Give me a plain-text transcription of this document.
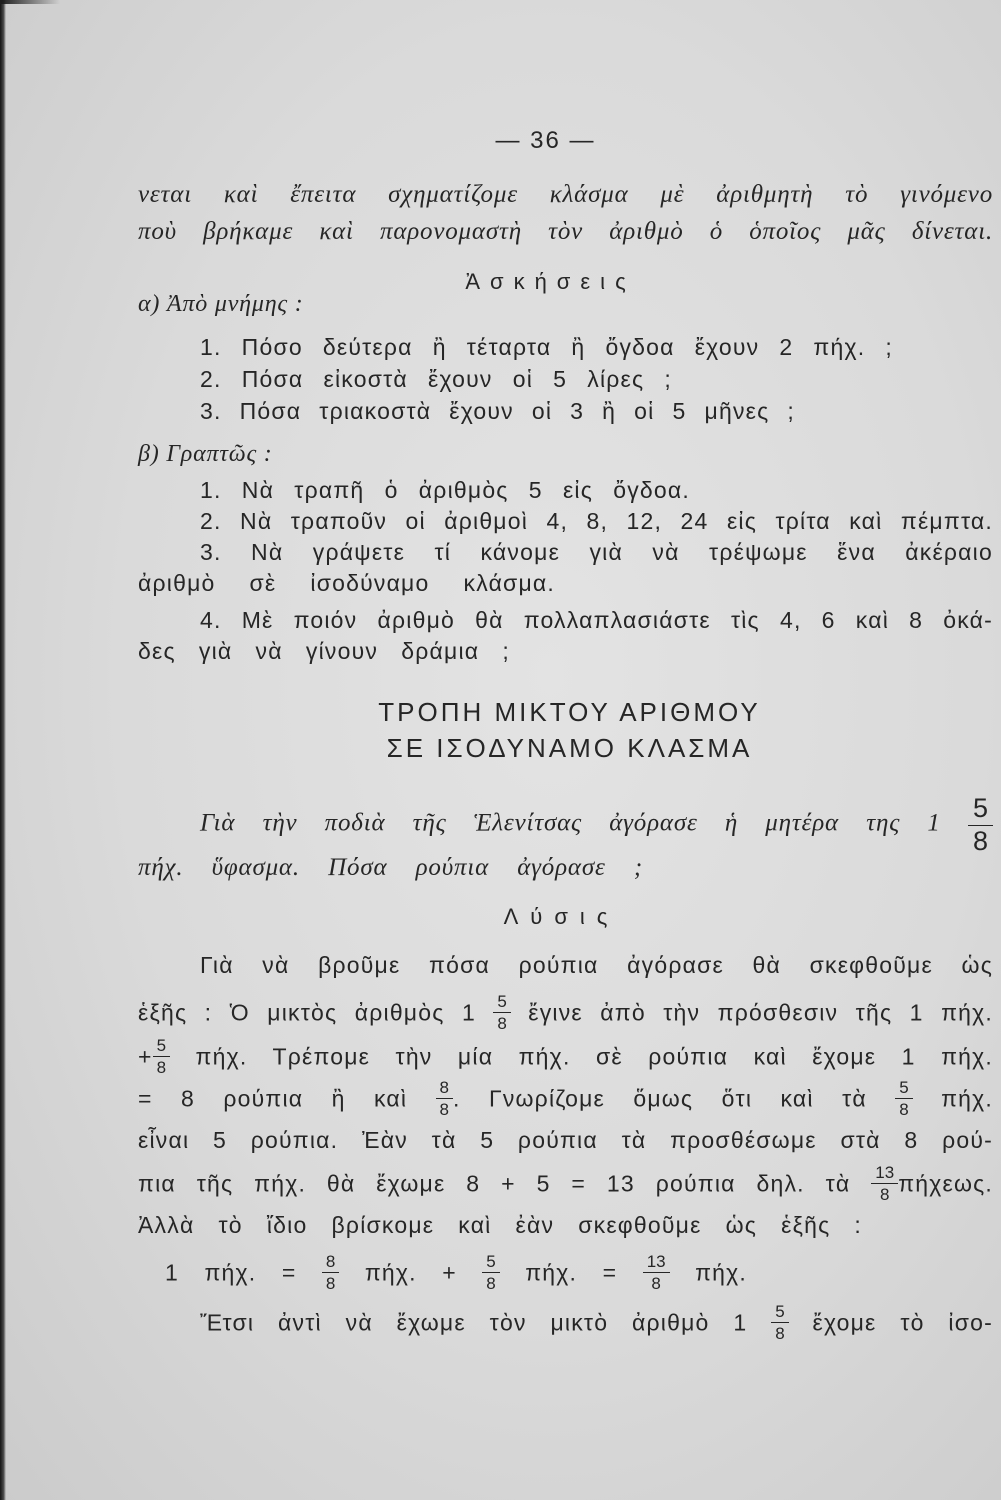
— 36 —
νεται καὶ ἔπειτα σχηματίζομε κλάσμα μὲ ἀριθμητὴ τὸ γινόμενο
ποὺ βρήκαμε καὶ παρονομαστὴ τὸν ἀριθμὸ ὁ ὁποῖος μᾶς δίνεται.
Ἀσκήσεις
α) Ἀπὸ μνήμης :
1. Πόσο δεύτερα ἢ τέταρτα ἢ ὄγδοα ἔχουν 2 πήχ. ;
2. Πόσα εἰκοστὰ ἔχουν οἱ 5 λίρες ;
3. Πόσα τριακοστὰ ἔχουν οἱ 3 ἢ οἱ 5 μῆνες ;
β) Γραπτῶς :
1. Νὰ τραπῆ ὁ ἀριθμὸς 5 εἰς ὄγδοα.
2. Νὰ τραποῦν οἱ ἀριθμοὶ 4, 8, 12, 24 εἰς τρίτα καὶ πέμπτα.
3. Νὰ γράψετε τί κάνομε γιὰ νὰ τρέψωμε ἕνα ἀκέραιο
ἀριθμὸ σὲ ἰσοδύναμο κλάσμα.
4. Μὲ ποιόν ἀριθμὸ θὰ πολλαπλασιάστε τὶς 4, 6 καὶ 8 ὀκά-
δες γιὰ νὰ γίνουν δράμια ;
ΤΡΟΠΗ ΜΙΚΤΟΥ ΑΡΙΘΜΟΥ
ΣΕ ΙΣΟΔΥΝΑΜΟ ΚΛΑΣΜΑ
Γιὰ τὴν ποδιὰ τῆς Ἑλενίτσας ἀγόρασε ἡ μητέρα της $1 \frac{5}{8}$
πήχ. ὕφασμα. Πόσα ρούπια ἀγόρασε ;
Λύσις
Γιὰ νὰ βροῦμε πόσα ρούπια ἀγόρασε θὰ σκεφθοῦμε ὡς
ἑξῆς : Ὁ μικτὸς ἀριθμὸς $1 \frac{5}{8}$ ἔγινε ἀπὸ τὴν πρόσθεσιν τῆς 1 πήχ.
+ $\frac{5}{8} \pi ή\chi$. Τρέπομε τὴν μία πήχ. σὲ ρούπια καὶ ἔχομε 1 πήχ.
= 8 ρούπια ἢ καὶ $\frac{8}{8}$ . Γνωρίζομε ὅμως ὅτι καὶ τὰ $\frac{5}{8} \pi ή\chi$.
εἶναι 5 ρούπια. Ἐὰν τὰ 5 ρούπια τὰ προσθέσωμε στὰ 8 ρού-
πια τῆς πήχ. θὰ ἔχωμε 8 + 5 = 13 ρούπια δηλ. τὰ $\frac{13}{8} \pi ή\chi\varepsilon\omega\varsigma$.
Ἀλλὰ τὸ ἴδιο βρίσκομε καὶ ἐὰν σκεφθοῦμε ὡς ἑξῆς :
1 πήχ. = $\frac{8}{8} \pi ή\chi$. + $\frac{5}{8} \pi ή\chi$. = $\frac{13}{8} \pi ή\chi$.
Ἔτσι ἀντὶ νὰ ἔχωμε τὸν μικτὸ ἀριθμὸ $1 \frac{5}{8}$ ἔχομε τὸ ἰσο-
